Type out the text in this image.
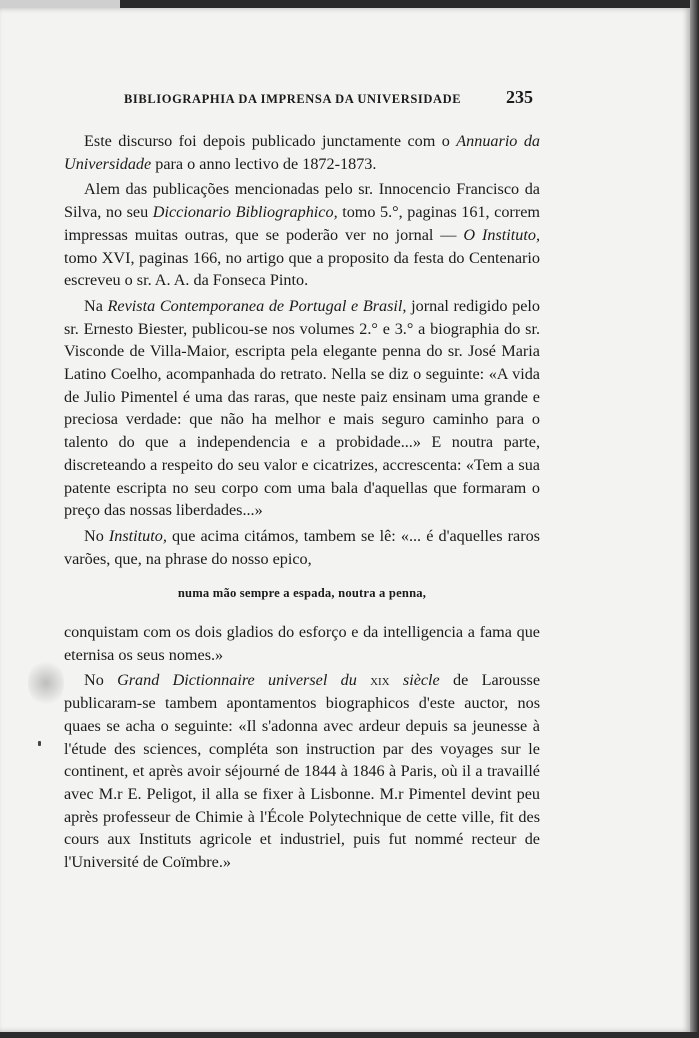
BIBLIOGRAPHIA DA IMPRENSA DA UNIVERSIDADE	235

Este discurso foi depois publicado junctamente com o Annuario da Universidade para o anno lectivo de 1872-1873.

Alem das publicações mencionadas pelo sr. Innocencio Francisco da Silva, no seu Diccionario Bibliographico, tomo 5.°, paginas 161, correm impressas muitas outras, que se poderão ver no jornal — O Instituto, tomo XVI, paginas 166, no artigo que a proposito da festa do Centenario escreveu o sr. A. A. da Fonseca Pinto.

Na Revista Contemporanea de Portugal e Brasil, jornal redigido pelo sr. Ernesto Biester, publicou-se nos volumes 2.° e 3.° a biographia do sr. Visconde de Villa-Maior, escripta pela elegante penna do sr. José Maria Latino Coelho, acompanhada do retrato. Nella se diz o seguinte: «A vida de Julio Pimentel é uma das raras, que neste paiz ensinam uma grande e preciosa verdade: que não ha melhor e mais seguro caminho para o talento do que a independencia e a probidade...» E noutra parte, discreteando a respeito do seu valor e cicatrizes, accrescenta: «Tem a sua patente escripta no seu corpo com uma bala d'aquellas que formaram o preço das nossas liberdades...»

No Instituto, que acima citámos, tambem se lê: «... é d'aquelles raros varões, que, na phrase do nosso epico,

numa mão sempre a espada, noutra a penna,

conquistam com os dois gladios do esforço e da intelligencia a fama que eternisa os seus nomes.»

No Grand Dictionnaire universel du xix siècle de Larousse publicaram-se tambem apontamentos biographicos d'este auctor, nos quaes se acha o seguinte: «Il s'adonna avec ardeur depuis sa jeunesse à l'étude des sciences, compléta son instruction par des voyages sur le continent, et après avoir séjourné de 1844 à 1846 à Paris, où il a travaillé avec M.r E. Peligot, il alla se fixer à Lisbonne. M.r Pimentel devint peu après professeur de Chimie à l'École Polytechnique de cette ville, fit des cours aux Instituts agricole et industriel, puis fut nommé recteur de l'Université de Coïmbre.»
